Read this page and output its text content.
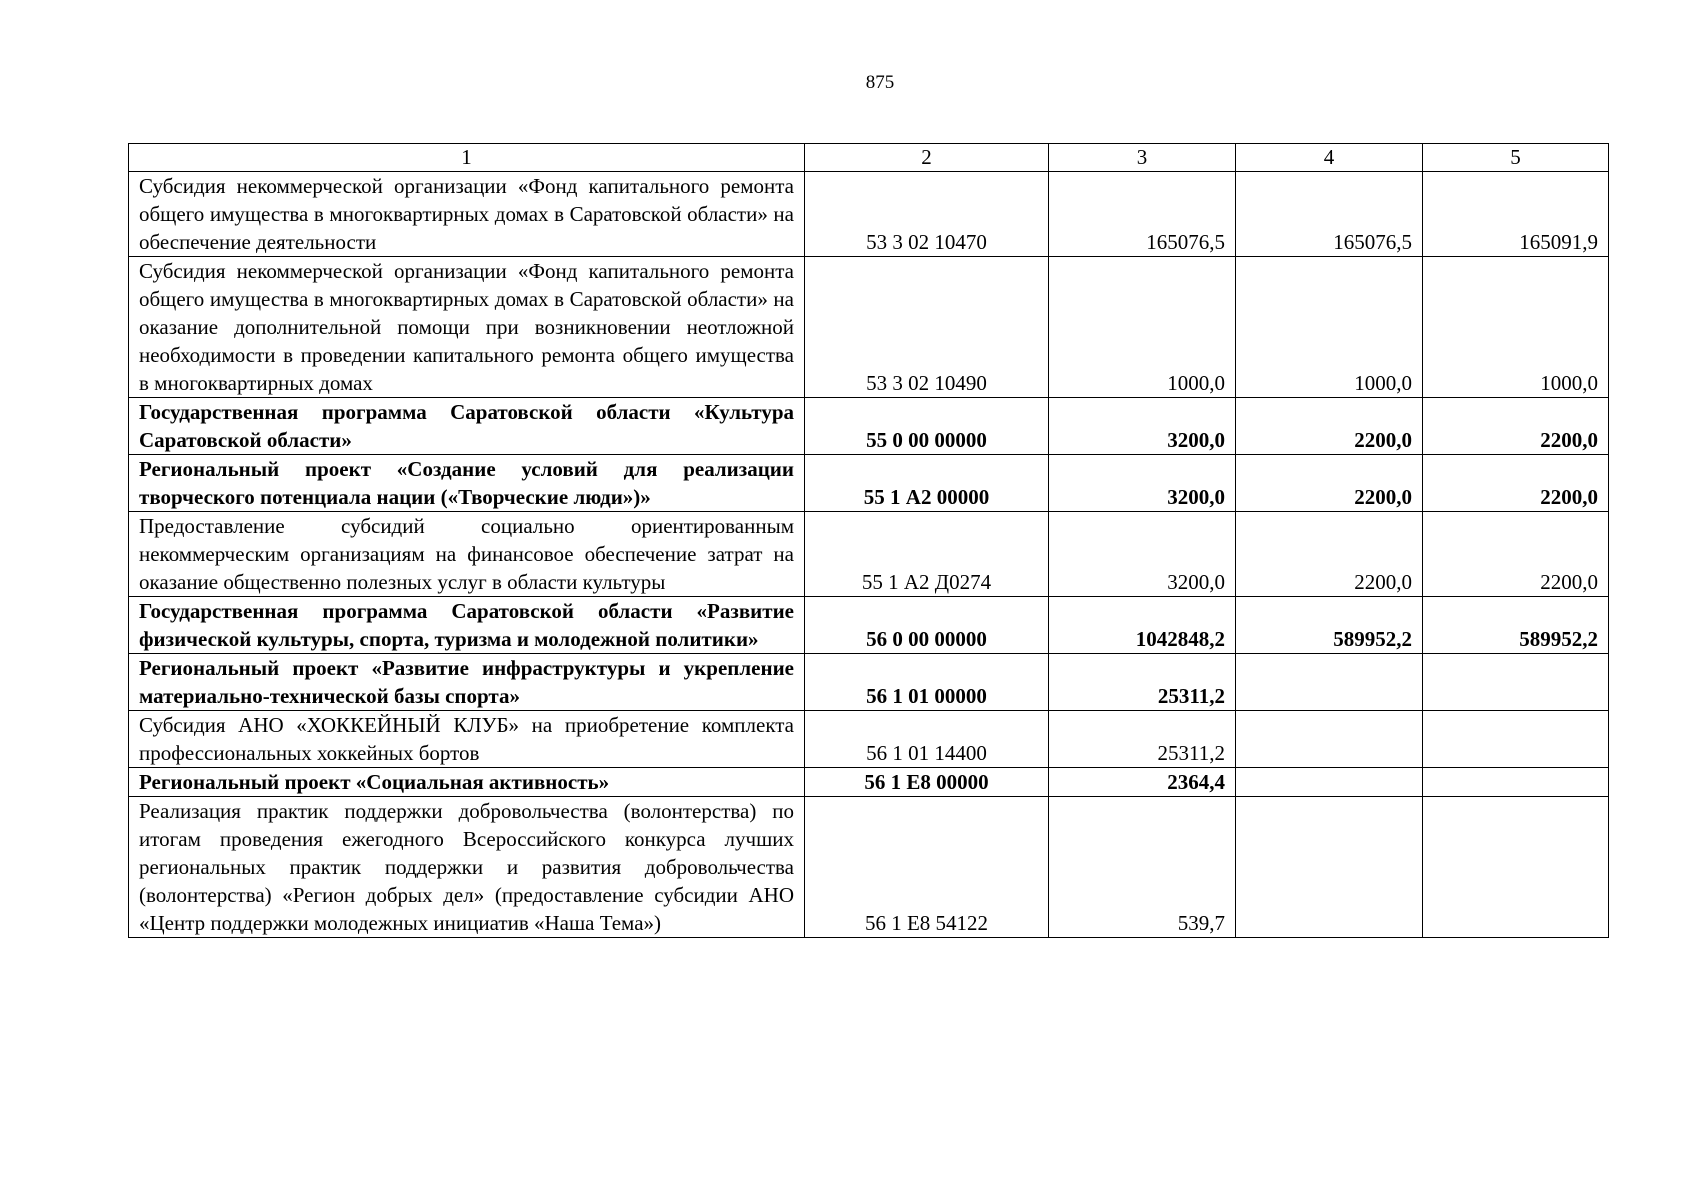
875
1	2	3	4	5
Субсидия некоммерческой организации «Фонд капитального ремонта общего имущества в многоквартирных домах в Саратовской области» на обеспечение деятельности	53 3 02 10470	165076,5	165076,5	165091,9
Субсидия некоммерческой организации «Фонд капитального ремонта общего имущества в многоквартирных домах в Саратовской области» на оказание дополнительной помощи при возникновении неотложной необходимости в проведении капитального ремонта общего имущества в многоквартирных домах	53 3 02 10490	1000,0	1000,0	1000,0
Государственная программа Саратовской области «Культура Саратовской области»	55 0 00 00000	3200,0	2200,0	2200,0
Региональный проект «Создание условий для реализации творческого потенциала нации («Творческие люди»)»	55 1 А2 00000	3200,0	2200,0	2200,0
Предоставление субсидий социально ориентированным некоммерческим организациям на финансовое обеспечение затрат на оказание общественно полезных услуг в области культуры	55 1 А2 Д0274	3200,0	2200,0	2200,0
Государственная программа Саратовской области «Развитие физической культуры, спорта, туризма и молодежной политики»	56 0 00 00000	1042848,2	589952,2	589952,2
Региональный проект «Развитие инфраструктуры и укрепление материально-технической базы спорта»	56 1 01 00000	25311,2		
Субсидия АНО «ХОККЕЙНЫЙ КЛУБ» на приобретение комплекта профессиональных хоккейных бортов	56 1 01 14400	25311,2		
Региональный проект «Социальная активность»	56 1 Е8 00000	2364,4		
Реализация практик поддержки добровольчества (волонтерства) по итогам проведения ежегодного Всероссийского конкурса лучших региональных практик поддержки и развития добровольчества (волонтерства) «Регион добрых дел» (предоставление субсидии АНО «Центр поддержки молодежных инициатив «Наша Тема»)	56 1 Е8 54122	539,7		
